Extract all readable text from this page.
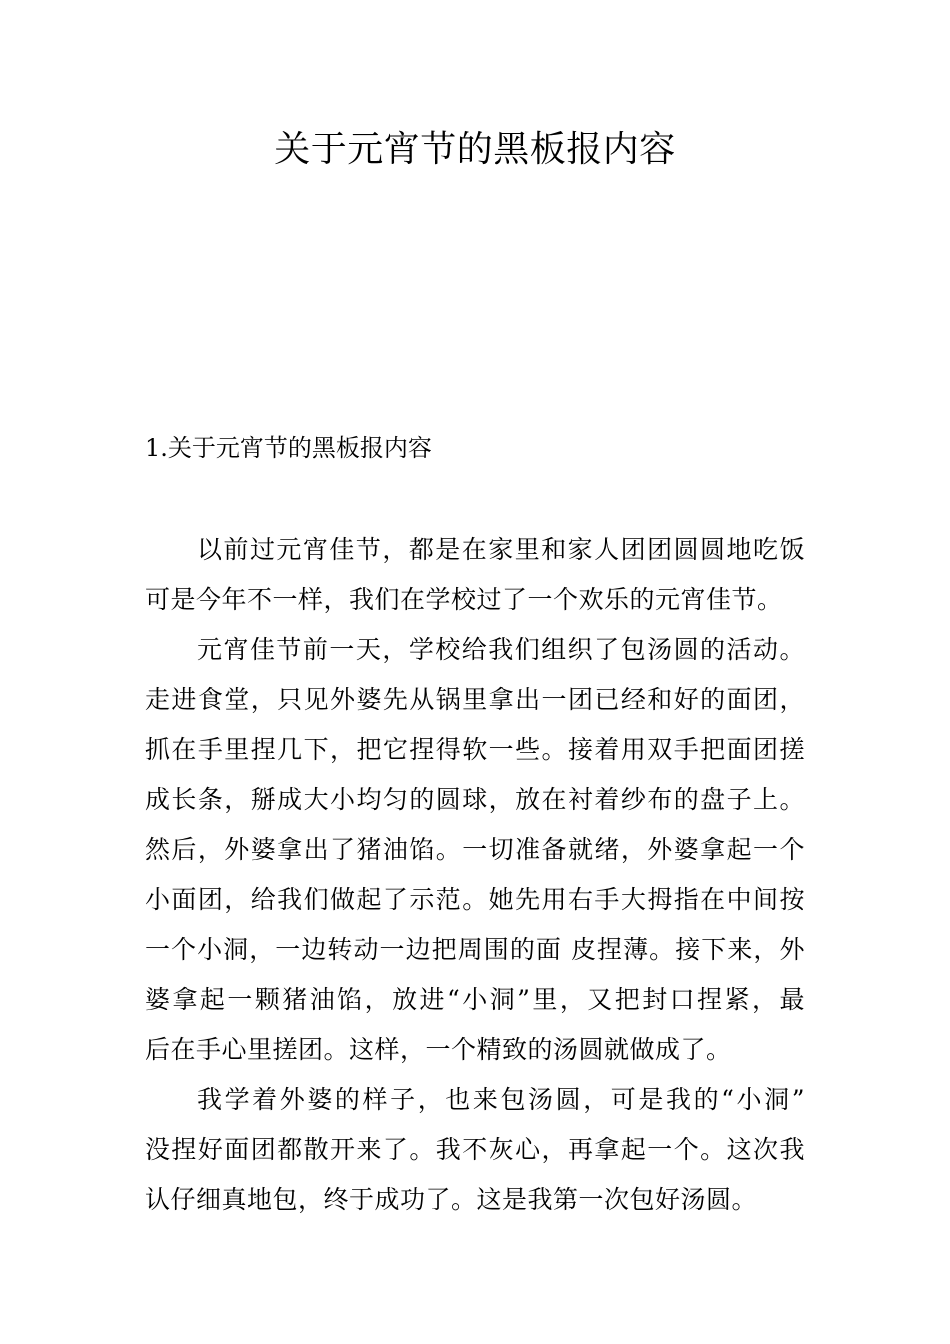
关于元宵节的黑板报内容
1.关于元宵节的黑板报内容
以前过元宵佳节，都是在家里和家人团团圆圆地吃饭
可是今年不一样，我们在学校过了一个欢乐的元宵佳节。
元宵佳节前一天，学校给我们组织了包汤圆的活动。
走进食堂，只见外婆先从锅里拿出一团已经和好的面团，
抓在手里捏几下，把它捏得软一些。接着用双手把面团搓
成长条，掰成大小均匀的圆球，放在衬着纱布的盘子上。
然后，外婆拿出了猪油馅。一切准备就绪，外婆拿起一个
小面团，给我们做起了示范。她先用右手大拇指在中间按
一个小洞，一边转动一边把周围的面 皮捏薄。接下来，外
婆拿起一颗猪油馅，放进“小洞”里，又把封口捏紧，最
后在手心里搓团。这样，一个精致的汤圆就做成了。
我学着外婆的样子，也来包汤圆，可是我的“小洞”
没捏好面团都散开来了。我不灰心，再拿起一个。这次我
认仔细真地包，终于成功了。这是我第一次包好汤圆。
